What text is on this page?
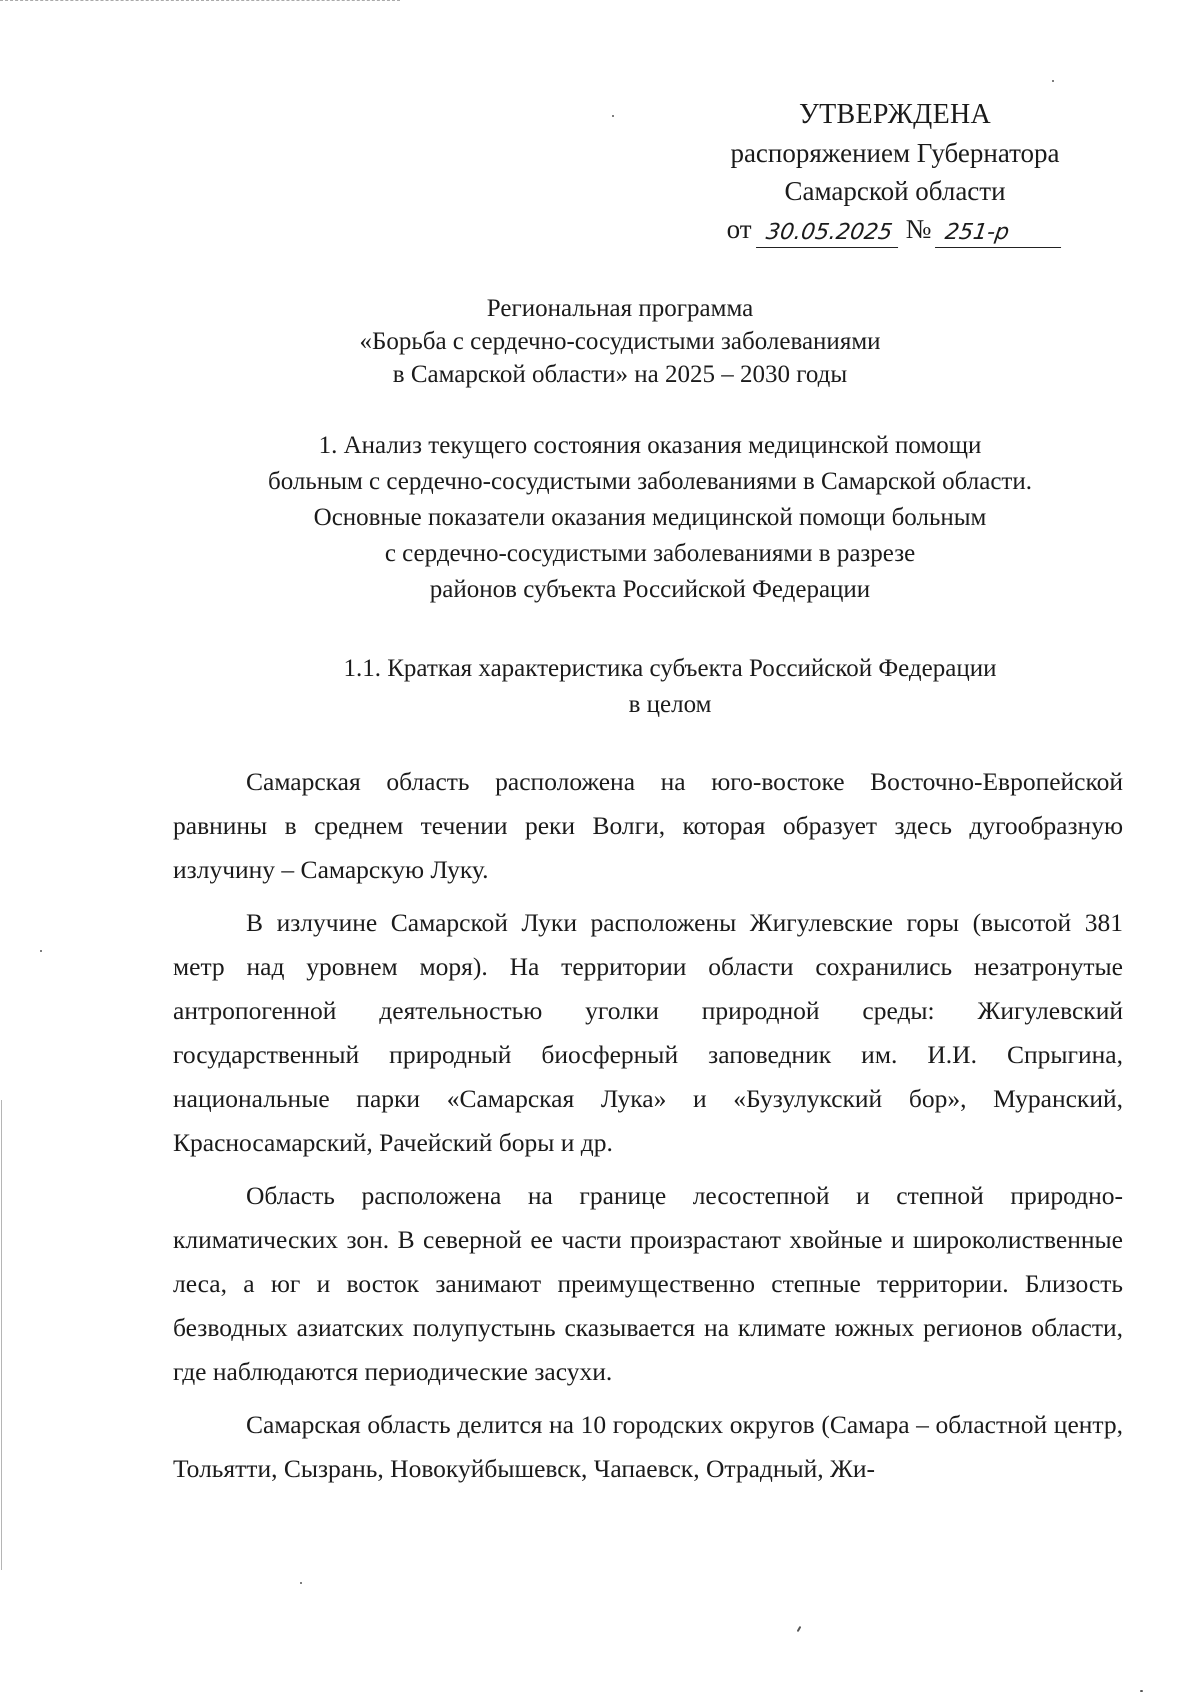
УТВЕРЖДЕНА
распоряжением Губернатора
Самарской области
от 30.05.2025 № 251-р
Региональная программа
«Борьба с сердечно-сосудистыми заболеваниями
в Самарской области» на 2025 – 2030 годы
1. Анализ текущего состояния оказания медицинской помощи
больным с сердечно-сосудистыми заболеваниями в Самарской области.
Основные показатели оказания медицинской помощи больным
с сердечно-сосудистыми заболеваниями в разрезе
районов субъекта Российской Федерации
1.1. Краткая характеристика субъекта Российской Федерации
в целом

Самарская область расположена на юго-востоке Восточно-Европейской равнины в среднем течении реки Волги, которая образует здесь дугообразную излучину – Самарскую Луку.

В излучине Самарской Луки расположены Жигулевские горы (высотой 381 метр над уровнем моря). На территории области сохранились незатронутые антропогенной деятельностью уголки природной среды: Жигулевский государственный природный биосферный заповедник им. И.И. Спрыгина, национальные парки «Самарская Лука» и «Бузулукский бор», Муранский, Красносамарский, Рачейский боры и др.

Область расположена на границе лесостепной и степной природно-климатических зон. В северной ее части произрастают хвойные и широколиственные леса, а юг и восток занимают преимущественно степные территории. Близость безводных азиатских полупустынь сказывается на климате южных регионов области, где наблюдаются периодические засухи.

Самарская область делится на 10 городских округов (Самара – областной центр, Тольятти, Сызрань, Новокуйбышевск, Чапаевск, Отрадный, Жи-
